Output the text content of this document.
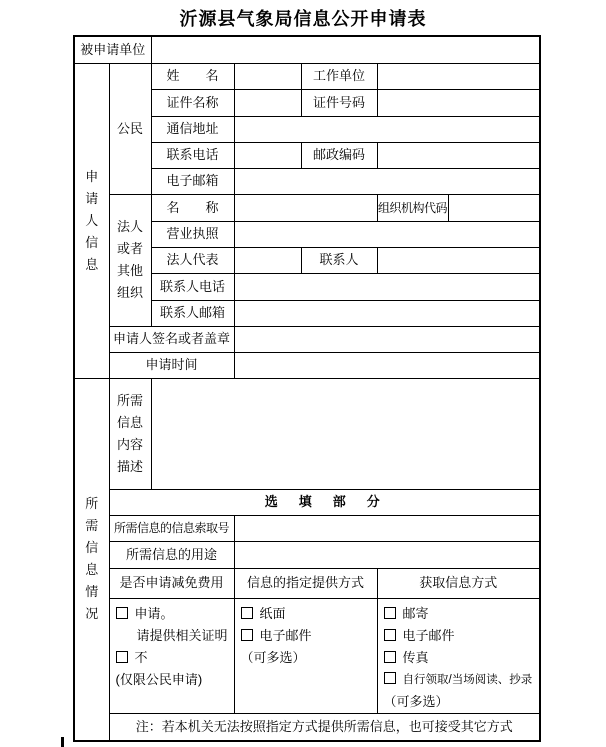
沂源县气象局信息公开申请表
被申请单位						
申请人信息	公民	姓　　名		工作单位		
		证件名称		证件号码		
		通信地址				
		联系电话		邮政编码		
		电子邮箱				
	法人或者其他组织	名　　称			组织机构代码	
		营业执照				
		法人代表		联系人		
		联系人电话				
		联系人邮箱				
	申请人签名或者盖章					
	申请时间					
所需信息情况	所需信息内容描述					
	选　填　部　分					
	所需信息的信息索取号					
	所需信息的用途					
	是否申请减免费用		信息的指定提供方式		获取信息方式	

申请。
请提供相关证明
不
(仅限公民申请)

纸面
电子邮件
（可多选）

邮寄
电子邮件
传真
自行领取/当场阅读、抄录
（可多选）

	注：若本机关无法按照指定方式提供所需信息，也可接受其它方式					
